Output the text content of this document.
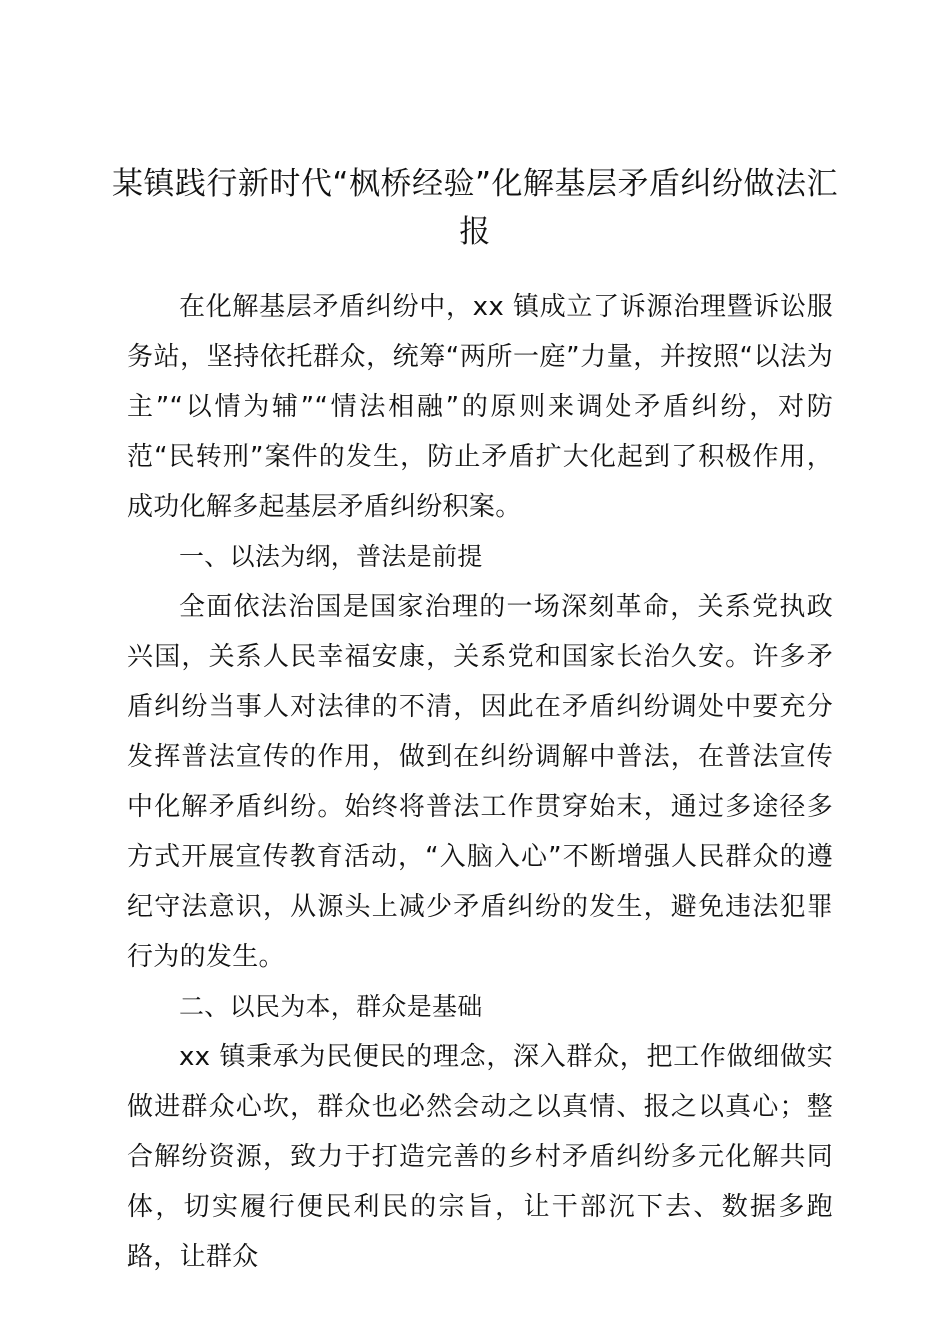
某镇践行新时代“枫桥经验”化解基层矛盾纠纷做法汇报

在化解基层矛盾纠纷中，xx 镇成立了诉源治理暨诉讼服务站，坚持依托群众，统筹“两所一庭”力量，并按照“以法为主”“以情为辅”“情法相融”的原则来调处矛盾纠纷，对防范“民转刑”案件的发生，防止矛盾扩大化起到了积极作用，成功化解多起基层矛盾纠纷积案。

一、以法为纲，普法是前提

全面依法治国是国家治理的一场深刻革命，关系党执政兴国，关系人民幸福安康，关系党和国家长治久安。许多矛盾纠纷当事人对法律的不清，因此在矛盾纠纷调处中要充分发挥普法宣传的作用，做到在纠纷调解中普法，在普法宣传中化解矛盾纠纷。始终将普法工作贯穿始末，通过多途径多方式开展宣传教育活动，“入脑入心”不断增强人民群众的遵纪守法意识，从源头上减少矛盾纠纷的发生，避免违法犯罪行为的发生。

二、以民为本，群众是基础

xx 镇秉承为民便民的理念，深入群众，把工作做细做实做进群众心坎，群众也必然会动之以真情、报之以真心；整合解纷资源，致力于打造完善的乡村矛盾纠纷多元化解共同体，切实履行便民利民的宗旨，让干部沉下去、数据多跑路，让群众
